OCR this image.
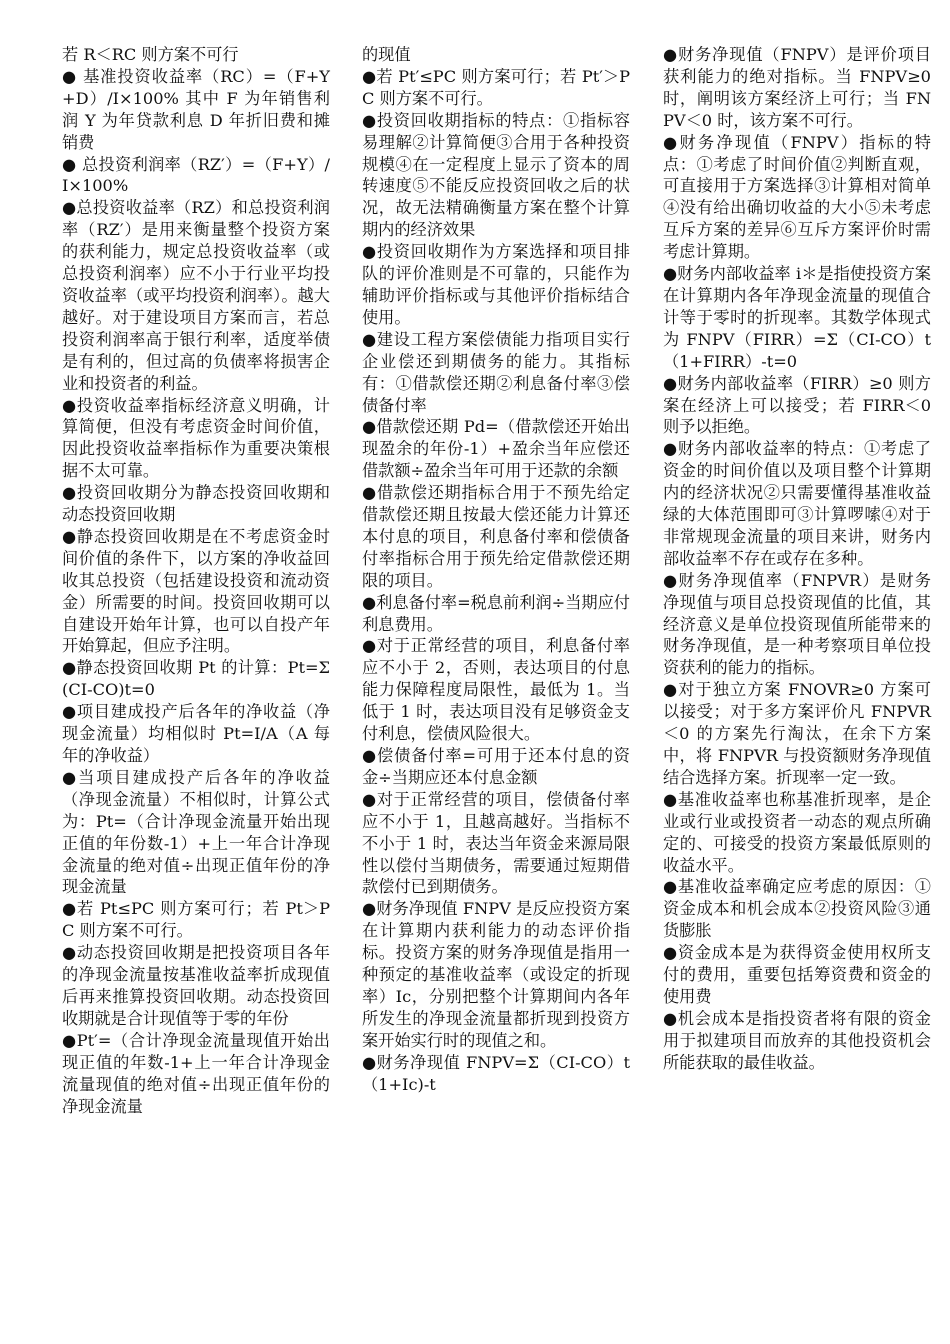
若 R＜RC 则方案不可行

● 基准投资收益率（RC）=（F+Y+D）/I×100% 其中 F 为年销售利润 Y 为年贷款利息 D 年折旧费和摊销费

● 总投资利润率（RZ′）=（F+Y）/I×100%

●总投资收益率（RZ）和总投资利润率（RZ′）是用来衡量整个投资方案的获利能力，规定总投资收益率（或总投资利润率）应不小于行业平均投资收益率（或平均投资利润率）。越大越好。对于建设项目方案而言，若总投资利润率高于银行利率，适度举债是有利的，但过高的负债率将损害企业和投资者的利益。

●投资收益率指标经济意义明确，计算简便，但没有考虑资金时间价值，因此投资收益率指标作为重要决策根据不太可靠。

●投资回收期分为静态投资回收期和动态投资回收期

●静态投资回收期是在不考虑资金时间价值的条件下，以方案的净收益回收其总投资（包括建设投资和流动资金）所需要的时间。投资回收期可以自建设开始年计算，也可以自投产年开始算起，但应予注明。

●静态投资回收期 Pt 的计算：Pt=Σ(CI-CO)t=0

●项目建成投产后各年的净收益（净现金流量）均相似时 Pt=I/A（A 每年的净收益）

●当项目建成投产后各年的净收益（净现金流量）不相似时，计算公式为：Pt=（合计净现金流量开始出现正值的年份数-1）+上一年合计净现金流量的绝对值÷出现正值年份的净现金流量

●若 Pt≤PC 则方案可行；若 Pt＞PC 则方案不可行。

●动态投资回收期是把投资项目各年的净现金流量按基准收益率折成现值后再来推算投资回收期。动态投资回收期就是合计现值等于零的年份

●Pt′=（合计净现金流量现值开始出现正值的年数-1+上一年合计净现金流量现值的绝对值÷出现正值年份的净现金流量

的现值

●若 Pt′≤PC 则方案可行；若 Pt′＞PC 则方案不可行。

●投资回收期指标的特点：①指标容易理解②计算简便③合用于各种投资规模④在一定程度上显示了资本的周转速度⑤不能反应投资回收之后的状况，故无法精确衡量方案在整个计算期内的经济效果

●投资回收期作为方案选择和项目排队的评价准则是不可靠的，只能作为辅助评价指标或与其他评价指标结合使用。

●建设工程方案偿债能力指项目实行企业偿还到期债务的能力。其指标有：①借款偿还期②利息备付率③偿债备付率

●借款偿还期 Pd=（借款偿还开始出现盈余的年份-1）+盈余当年应偿还借款额÷盈余当年可用于还款的余额

●借款偿还期指标合用于不预先给定借款偿还期且按最大偿还能力计算还本付息的项目，利息备付率和偿债备付率指标合用于预先给定借款偿还期限的项目。

●利息备付率=税息前利润÷当期应付利息费用。

●对于正常经营的项目，利息备付率应不小于 2，否则，表达项目的付息能力保障程度局限性，最低为 1。当低于 1 时，表达项目没有足够资金支付利息，偿债风险很大。

●偿债备付率=可用于还本付息的资金÷当期应还本付息金额

●对于正常经营的项目，偿债备付率应不小于 1，且越高越好。当指标不不小于 1 时，表达当年资金来源局限性以偿付当期债务，需要通过短期借款偿付已到期债务。

●财务净现值 FNPV 是反应投资方案在计算期内获利能力的动态评价指标。投资方案的财务净现值是指用一种预定的基准收益率（或设定的折现率）Ic，分别把整个计算期间内各年所发生的净现金流量都折现到投资方案开始实行时的现值之和。

●财务净现值 FNPV=Σ（CI-CO）t（1+Ic)-t

●财务净现值（FNPV）是评价项目获利能力的绝对指标。当 FNPV≥0 时，阐明该方案经济上可行；当 FNPV＜0 时，该方案不可行。

●财务净现值（FNPV）指标的特点：①考虑了时间价值②判断直观，可直接用于方案选择③计算相对简单④没有给出确切收益的大小⑤未考虑互斥方案的差异⑥互斥方案评价时需考虑计算期。

●财务内部收益率 i＊是指使投资方案在计算期内各年净现金流量的现值合计等于零时的折现率。其数学体现式为 FNPV（FIRR）=Σ（CI-CO）t（1+FIRR）-t=0

●财务内部收益率（FIRR）≥0 则方案在经济上可以接受；若 FIRR＜0 则予以拒绝。

●财务内部收益率的特点：①考虑了资金的时间价值以及项目整个计算期内的经济状况②只需要懂得基准收益绿的大体范围即可③计算啰嗦④对于非常规现金流量的项目来讲，财务内部收益率不存在或存在多种。

●财务净现值率（FNPVR）是财务净现值与项目总投资现值的比值，其经济意义是单位投资现值所能带来的财务净现值，是一种考察项目单位投资获利的能力的指标。

●对于独立方案 FNOVR≥0 方案可以接受；对于多方案评价凡 FNPVR＜0 的方案先行淘汰，在余下方案中，将 FNPVR 与投资额财务净现值结合选择方案。折现率一定一致。

●基准收益率也称基准折现率，是企业或行业或投资者一动态的观点所确定的、可接受的投资方案最低原则的收益水平。

●基准收益率确定应考虑的原因：①资金成本和机会成本②投资风险③通货膨胀

●资金成本是为获得资金使用权所支付的费用，重要包括筹资费和资金的使用费

●机会成本是指投资者将有限的资金用于拟建项目而放弃的其他投资机会所能获取的最佳收益。
